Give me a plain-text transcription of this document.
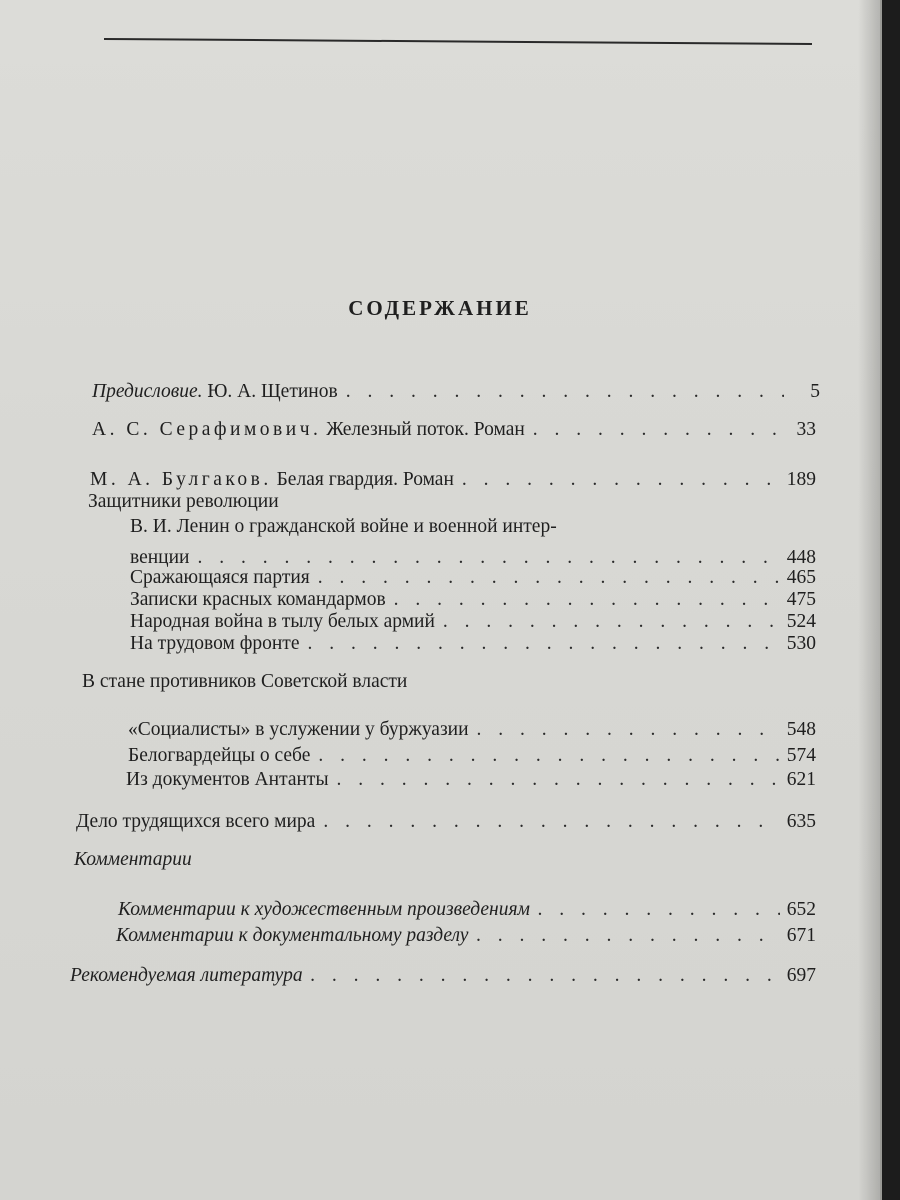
СОДЕРЖАНИЕ
Предисловие. Ю. А. Щетинов . . .	5
А. С. Серафимович. Железный поток. Роман . . .	33
М. А. Булгаков. Белая гвардия. Роман . . .	189
Защитники революции
В. И. Ленин о гражданской войне и военной интер-
венции . . .	448
Сражающаяся партия . . .	465
Записки красных командармов . . .	475
Народная война в тылу белых армий . . .	524
На трудовом фронте . . .	530
В стане противников Советской власти
«Социалисты» в услужении у буржуазии . . .	548
Белогвардейцы о себе . . .	574
Из документов Антанты . . .	621
Дело трудящихся всего мира . . .	635
Комментарии
Комментарии к художественным произведениям . . .	652
Комментарии к документальному разделу . . .	671
Рекомендуемая литература . . .	697
